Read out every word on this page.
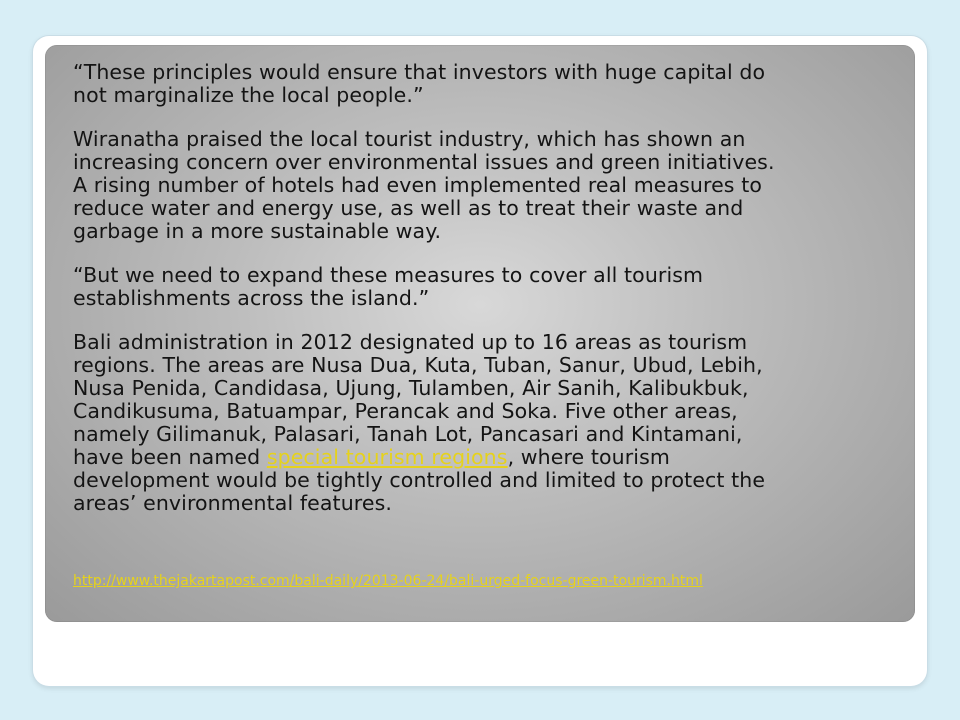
“These principles would ensure that investors with huge capital do
not marginalize the local people.”

Wiranatha praised the local tourist industry, which has shown an
increasing concern over environmental issues and green initiatives.
A rising number of hotels had even implemented real measures to
reduce water and energy use, as well as to treat their waste and
garbage in a more sustainable way.

“But we need to expand these measures to cover all tourism
establishments across the island.”

Bali administration in 2012 designated up to 16 areas as tourism
regions. The areas are Nusa Dua, Kuta, Tuban, Sanur, Ubud, Lebih,
Nusa Penida, Candidasa, Ujung, Tulamben, Air Sanih, Kalibukbuk,
Candikusuma, Batuampar, Perancak and Soka. Five other areas,
namely Gilimanuk, Palasari, Tanah Lot, Pancasari and Kintamani,
have been named special tourism regions, where tourism
development would be tightly controlled and limited to protect the
areas’ environmental features.

http://www.thejakartapost.com/bali-daily/2013-06-24/bali-urged-focus-green-tourism.html
